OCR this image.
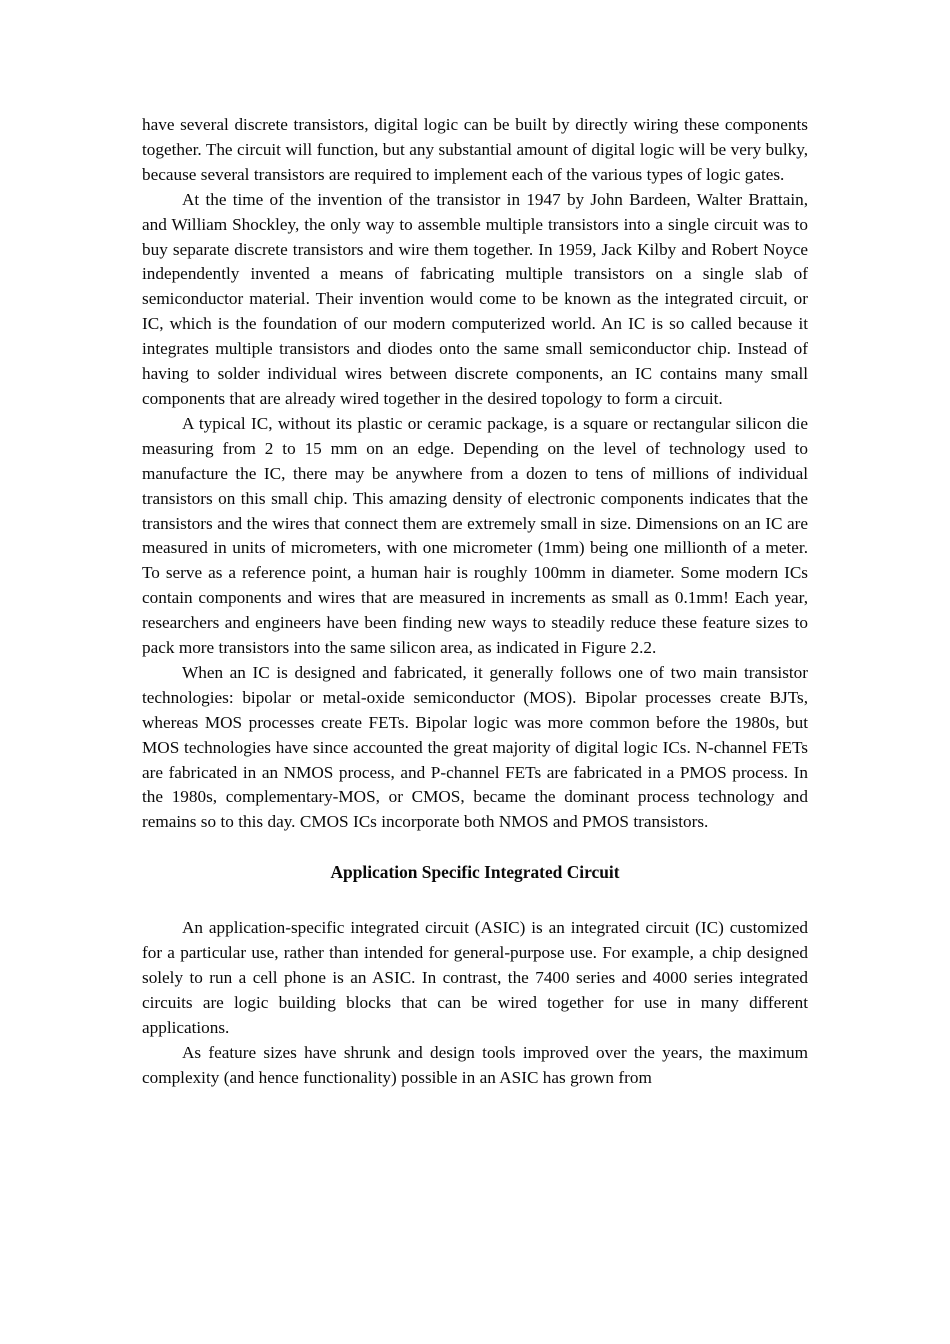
have several discrete transistors, digital logic can be built by directly wiring these components together. The circuit will function, but any substantial amount of digital logic will be very bulky, because several transistors are required to implement each of the various types of logic gates.

At the time of the invention of the transistor in 1947 by John Bardeen, Walter Brattain, and William Shockley, the only way to assemble multiple transistors into a single circuit was to buy separate discrete transistors and wire them together. In 1959, Jack Kilby and Robert Noyce independently invented a means of fabricating multiple transistors on a single slab of semiconductor material. Their invention would come to be known as the integrated circuit, or IC, which is the foundation of our modern computerized world. An IC is so called because it integrates multiple transistors and diodes onto the same small semiconductor chip. Instead of having to solder individual wires between discrete components, an IC contains many small components that are already wired together in the desired topology to form a circuit.

A typical IC, without its plastic or ceramic package, is a square or rectangular silicon die measuring from 2 to 15 mm on an edge. Depending on the level of technology used to manufacture the IC, there may be anywhere from a dozen to tens of millions of individual transistors on this small chip. This amazing density of electronic components indicates that the transistors and the wires that connect them are extremely small in size. Dimensions on an IC are measured in units of micrometers, with one micrometer (1mm) being one millionth of a meter. To serve as a reference point, a human hair is roughly 100mm in diameter. Some modern ICs contain components and wires that are measured in increments as small as 0.1mm! Each year, researchers and engineers have been finding new ways to steadily reduce these feature sizes to pack more transistors into the same silicon area, as indicated in Figure 2.2.

When an IC is designed and fabricated, it generally follows one of two main transistor technologies: bipolar or metal-oxide semiconductor (MOS). Bipolar processes create BJTs, whereas MOS processes create FETs. Bipolar logic was more common before the 1980s, but MOS technologies have since accounted the great majority of digital logic ICs. N-channel FETs are fabricated in an NMOS process, and P-channel FETs are fabricated in a PMOS process. In the 1980s, complementary-MOS, or CMOS, became the dominant process technology and remains so to this day. CMOS ICs incorporate both NMOS and PMOS transistors.

Application Specific Integrated Circuit

An application-specific integrated circuit (ASIC) is an integrated circuit (IC) customized for a particular use, rather than intended for general-purpose use. For example, a chip designed solely to run a cell phone is an ASIC. In contrast, the 7400 series and 4000 series integrated circuits are logic building blocks that can be wired together for use in many different applications.

As feature sizes have shrunk and design tools improved over the years, the maximum complexity (and hence functionality) possible in an ASIC has grown from
